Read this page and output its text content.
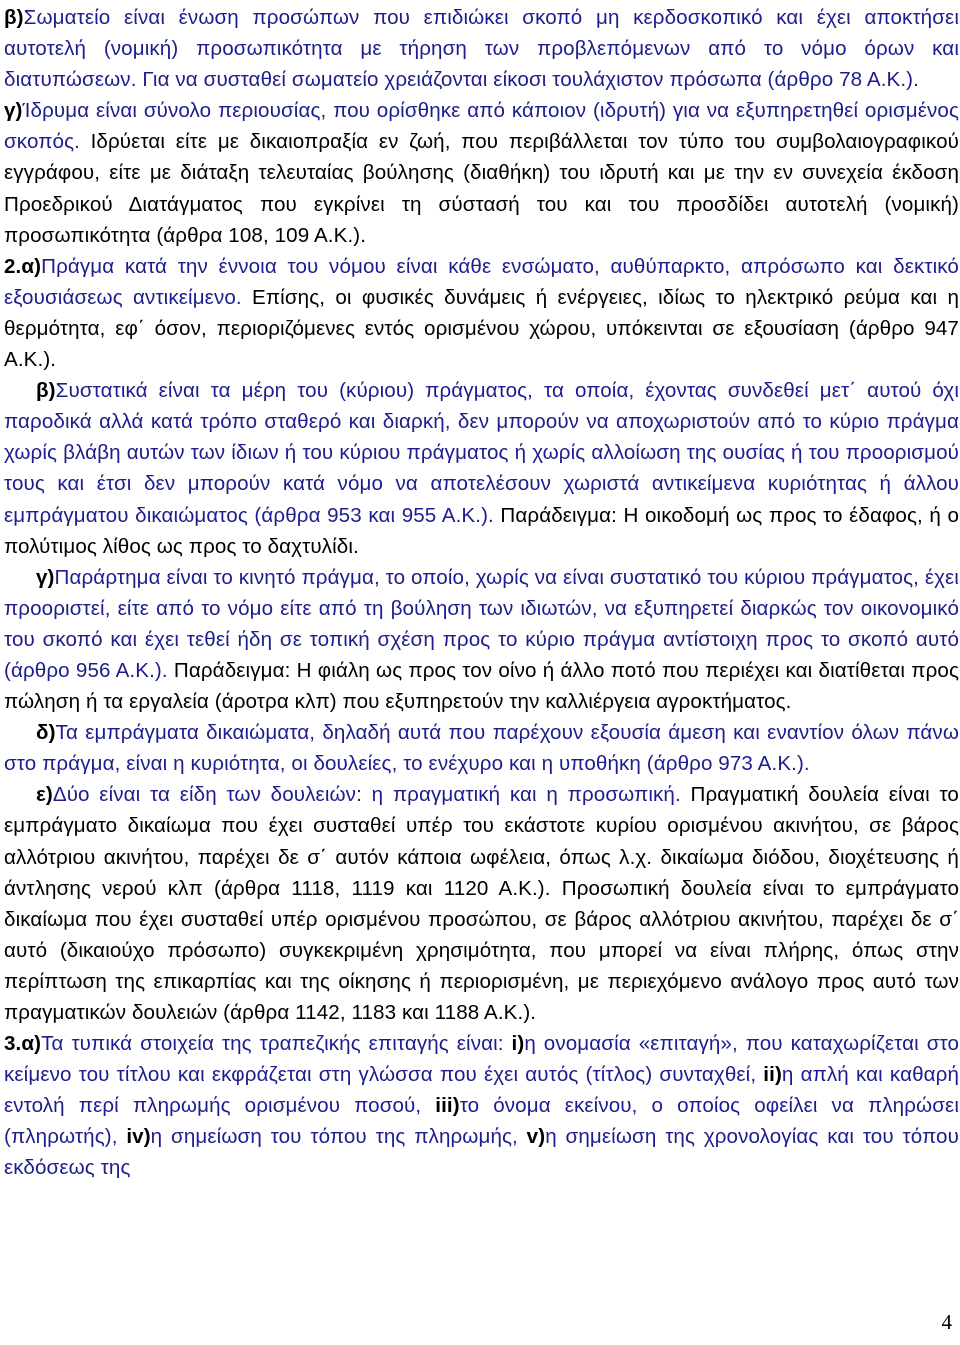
β)Σωματείο είναι ένωση προσώπων που επιδιώκει σκοπό μη κερδοσκοπικό και έχει αποκτήσει αυτοτελή (νομική) προσωπικότητα με τήρηση των προβλεπόμενων από το νόμο όρων και διατυπώσεων. Για να συσταθεί σωματείο χρειάζονται είκοσι τουλάχιστον πρόσωπα (άρθρο 78 Α.Κ.).

γ)Ίδρυμα είναι σύνολο περιουσίας, που ορίσθηκε από κάποιον (ιδρυτή) για να εξυπηρετηθεί ορισμένος σκοπός. Ιδρύεται είτε με δικαιοπραξία εν ζωή, που περιβάλλεται τον τύπο του συμβολαιογραφικού εγγράφου, είτε με διάταξη τελευταίας βούλησης (διαθήκη) του ιδρυτή και με την εν συνεχεία έκδοση Προεδρικού Διατάγματος που εγκρίνει τη σύστασή του και του προσδίδει αυτοτελή (νομική) προσωπικότητα (άρθρα 108, 109 Α.Κ.).

2.α)Πράγμα κατά την έννοια του νόμου είναι κάθε ενσώματο, αυθύπαρκτο, απρόσωπο και δεκτικό εξουσιάσεως αντικείμενο. Επίσης, οι φυσικές δυνάμεις ή ενέργειες, ιδίως το ηλεκτρικό ρεύμα και η θερμότητα, εφ΄ όσον, περιοριζόμενες εντός ορισμένου χώρου, υπόκεινται σε εξουσίαση (άρθρο 947 Α.Κ.).

β)Συστατικά είναι τα μέρη του (κύριου) πράγματος, τα οποία, έχοντας συνδεθεί μετ΄ αυτού όχι παροδικά αλλά κατά τρόπο σταθερό και διαρκή, δεν μπορούν να αποχωριστούν από το κύριο πράγμα χωρίς βλάβη αυτών των ίδιων ή του κύριου πράγματος ή χωρίς αλλοίωση της ουσίας ή του προορισμού τους και έτσι δεν μπορούν κατά νόμο να αποτελέσουν χωριστά αντικείμενα κυριότητας ή άλλου εμπράγματου δικαιώματος (άρθρα 953 και 955 Α.Κ.). Παράδειγμα: Η οικοδομή ως προς το έδαφος, ή ο πολύτιμος λίθος ως προς το δαχτυλίδι.

γ)Παράρτημα είναι το κινητό πράγμα, το οποίο, χωρίς να είναι συστατικό του κύριου πράγματος, έχει προοριστεί, είτε από το νόμο είτε από τη βούληση των ιδιωτών, να εξυπηρετεί διαρκώς τον οικονομικό του σκοπό και έχει τεθεί ήδη σε τοπική σχέση προς το κύριο πράγμα αντίστοιχη προς το σκοπό αυτό (άρθρο 956 Α.Κ.). Παράδειγμα: Η φιάλη ως προς τον οίνο ή άλλο ποτό που περιέχει και διατίθεται προς πώληση ή τα εργαλεία (άροτρα κλπ) που εξυπηρετούν την καλλιέργεια αγροκτήματος.

δ)Τα εμπράγματα δικαιώματα, δηλαδή αυτά που παρέχουν εξουσία άμεση και εναντίον όλων πάνω στο πράγμα, είναι η κυριότητα, οι δουλείες, το ενέχυρο και η υποθήκη (άρθρο 973 Α.Κ.).

ε)Δύο είναι τα είδη των δουλειών: η πραγματική και η προσωπική. Πραγματική δουλεία είναι το εμπράγματο δικαίωμα που έχει συσταθεί υπέρ του εκάστοτε κυρίου ορισμένου ακινήτου, σε βάρος αλλότριου ακινήτου, παρέχει δε σ΄ αυτόν κάποια ωφέλεια, όπως λ.χ. δικαίωμα διόδου, διοχέτευσης ή άντλησης νερού κλπ (άρθρα 1118, 1119 και 1120 Α.Κ.). Προσωπική δουλεία είναι το εμπράγματο δικαίωμα που έχει συσταθεί υπέρ ορισμένου προσώπου, σε βάρος αλλότριου ακινήτου, παρέχει δε σ΄ αυτό (δικαιούχο πρόσωπο) συγκεκριμένη χρησιμότητα, που μπορεί να είναι πλήρης, όπως στην περίπτωση της επικαρπίας και της οίκησης ή περιορισμένη, με περιεχόμενο ανάλογο προς αυτό των πραγματικών δουλειών (άρθρα 1142, 1183 και 1188 Α.Κ.).

3.α)Τα τυπικά στοιχεία της τραπεζικής επιταγής είναι: i)η ονομασία «επιταγή», που καταχωρίζεται στο κείμενο του τίτλου και εκφράζεται στη γλώσσα που έχει αυτός (τίτλος) συνταχθεί, ii)η απλή και καθαρή εντολή περί πληρωμής ορισμένου ποσού, iii)το όνομα εκείνου, ο οποίος οφείλει να πληρώσει (πληρωτής), iv)η σημείωση του τόπου της πληρωμής, v)η σημείωση της χρονολογίας και του τόπου εκδόσεως της

4
